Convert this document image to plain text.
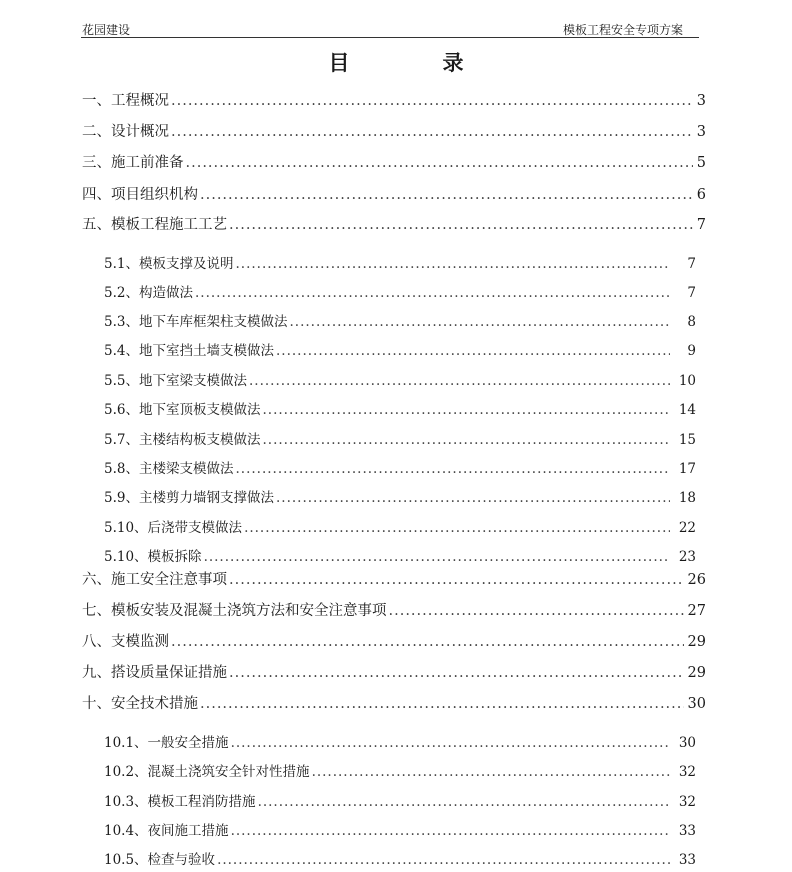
花园建设	模板工程安全专项方案
目　录
一、工程概况 .....	3
二、设计概况 .....	3
三、施工前准备 .....	5
四、项目组织机构 .....	6
五、模板工程施工工艺 .....	7
5.1、模板支撑及说明 .....	7
5.2、构造做法 .....	7
5.3、地下车库框架柱支模做法 .....	8
5.4、地下室挡土墙支模做法 .....	9
5.5、地下室梁支模做法 .....	10
5.6、地下室顶板支模做法 .....	14
5.7、主楼结构板支模做法 .....	15
5.8、主楼梁支模做法 .....	17
5.9、主楼剪力墙钢支撑做法 .....	18
5.10、后浇带支模做法 .....	22
5.10、模板拆除 .....	23
六、施工安全注意事项 .....	26
七、模板安装及混凝土浇筑方法和安全注意事项 .....	27
八、支模监测 .....	29
九、搭设质量保证措施 .....	29
十、安全技术措施 .....	30
10.1、一般安全措施 .....	30
10.2、混凝土浇筑安全针对性措施 .....	32
10.3、模板工程消防措施 .....	32
10.4、夜间施工措施 .....	33
10.5、检查与验收 .....	33
